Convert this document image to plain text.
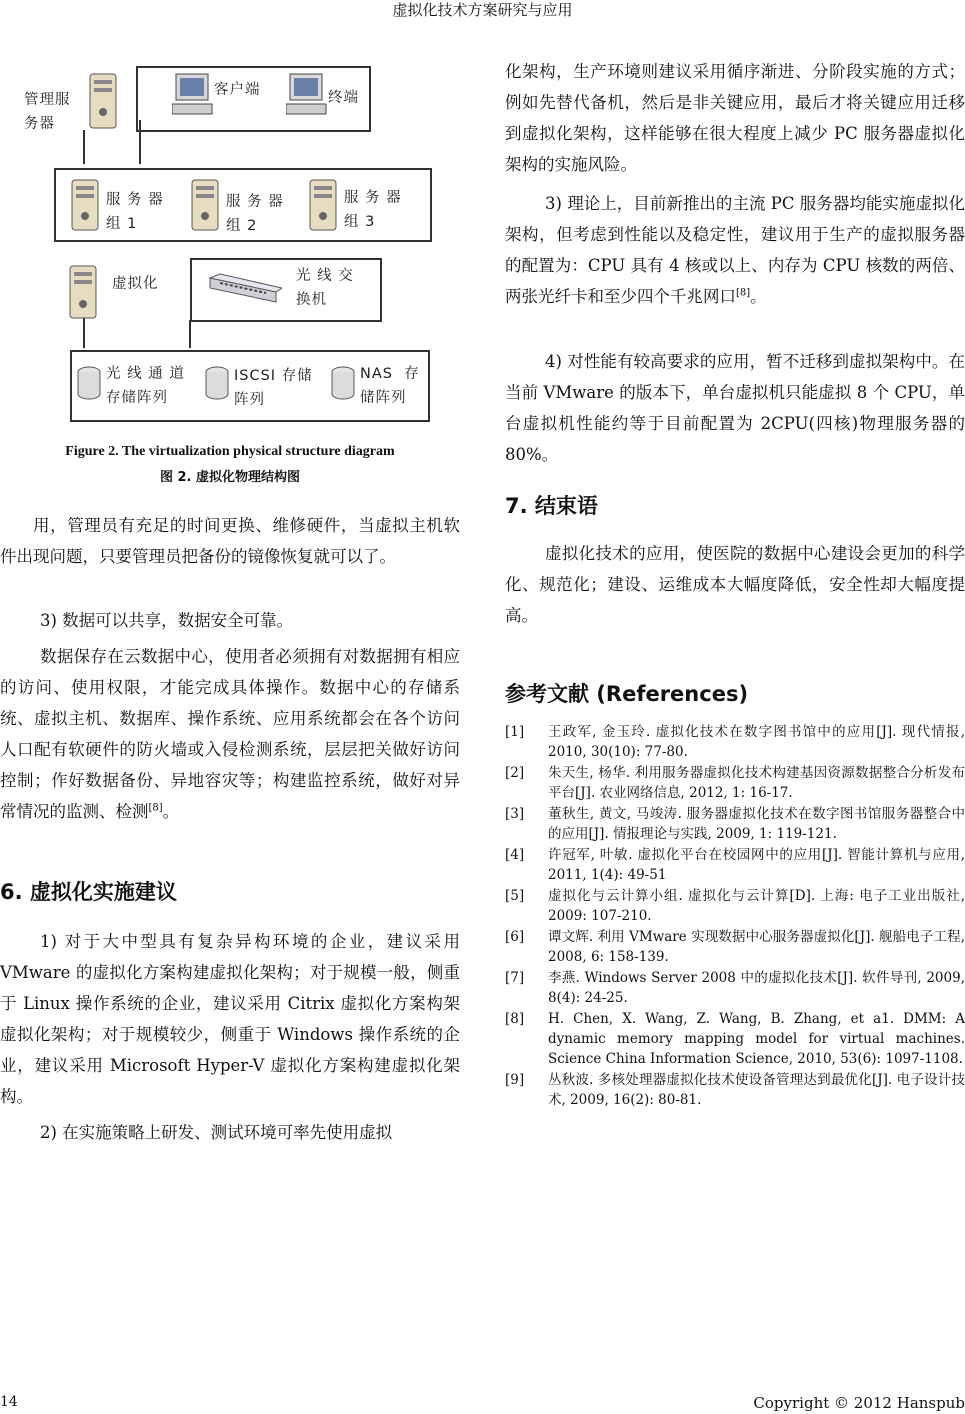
虚拟化技术方案研究与应用
管理服
务器
客户端	终端
服 务 器
组 1
服 务 器
组 2
服 务 器
组 3
虚拟化	光 线 交
换机
光 线 通 道
存储阵列
ISCSI 存储
阵列
NAS  存
储阵列
Figure 2. The virtualization physical structure diagram
图 2. 虚拟化物理结构图

用，管理员有充足的时间更换、维修硬件，当虚拟主机软件出现问题，只要管理员把备份的镜像恢复就可以了。

3) 数据可以共享，数据安全可靠。

数据保存在云数据中心，使用者必须拥有对数据拥有相应的访问、使用权限，才能完成具体操作。数据中心的存储系统、虚拟主机、数据库、操作系统、应用系统都会在各个访问人口配有软硬件的防火墙或入侵检测系统，层层把关做好访问控制；作好数据备份、异地容灾等；构建监控系统，做好对异常情况的监测、检测[8]。

6. 虚拟化实施建议

1) 对于大中型具有复杂异构环境的企业，建议采用 VMware 的虚拟化方案构建虚拟化架构；对于规模一般，侧重于 Linux 操作系统的企业，建议采用 Citrix 虚拟化方案构架虚拟化架构；对于规模较少，侧重于 Windows 操作系统的企业，建议采用 Microsoft Hyper-V 虚拟化方案构建虚拟化架构。

2) 在实施策略上研发、测试环境可率先使用虚拟

化架构，生产环境则建议采用循序渐进、分阶段实施的方式；例如先替代备机，然后是非关键应用，最后才将关键应用迁移到虚拟化架构，这样能够在很大程度上减少 PC 服务器虚拟化架构的实施风险。

3) 理论上，目前新推出的主流 PC 服务器均能实施虚拟化架构，但考虑到性能以及稳定性，建议用于生产的虚拟服务器的配置为：CPU 具有 4 核或以上、内存为 CPU 核数的两倍、两张光纤卡和至少四个千兆网口[8]。

4) 对性能有较高要求的应用，暂不迁移到虚拟架构中。在当前 VMware 的版本下，单台虚拟机只能虚拟 8 个 CPU，单台虚拟机性能约等于目前配置为 2CPU(四核)物理服务器的 80%。

7. 结束语

虚拟化技术的应用，使医院的数据中心建设会更加的科学化、规范化；建设、运维成本大幅度降低，安全性却大幅度提高。

参考文献 (References)
[1]	王政军, 金玉玲. 虚拟化技术在数字图书馆中的应用[J]. 现代情报, 2010, 30(10): 77-80.
[2]	朱天生, 杨华. 利用服务器虚拟化技术构建基因资源数据整合分析发布平台[J]. 农业网络信息, 2012, 1: 16-17.
[3]	董秋生, 黄文, 马竣涛. 服务器虚拟化技术在数字图书馆服务器整合中的应用[J]. 情报理论与实践, 2009, 1: 119-121.
[4]	许冠军, 叶敏. 虚拟化平台在校园网中的应用[J]. 智能计算机与应用, 2011, 1(4): 49-51
[5]	虚拟化与云计算小组. 虚拟化与云计算[D]. 上海: 电子工业出版社, 2009: 107-210.
[6]	谭文辉. 利用 VMware 实现数据中心服务器虚拟化[J]. 舰船电子工程, 2008, 6: 158-139.
[7]	李燕. Windows Server 2008 中的虚拟化技术[J]. 软件导刊, 2009, 8(4): 24-25.
[8]	H. Chen, X. Wang, Z. Wang, B. Zhang, et a1. DMM: A dynamic memory mapping model for virtual machines. Science China Information Science, 2010, 53(6): 1097-1108.
[9]	丛秋波. 多核处理器虚拟化技术使设备管理达到最优化[J]. 电子设计技术, 2009, 16(2): 80-81.
14	Copyright © 2012 Hanspub
